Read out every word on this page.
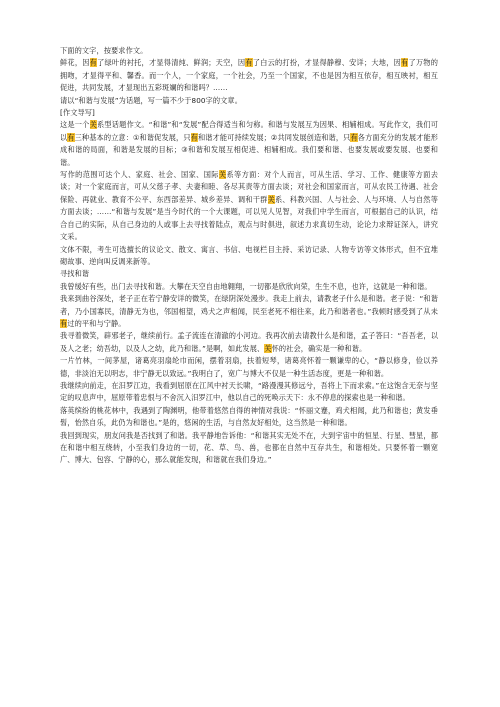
下面的文字，按要求作文。

鲜花，因有了绿叶的衬托，才显得清纯、鲜润；天空，因有了白云的打扮，才显得静穆、安详；大地，因有了万物的拥吻，才显得平和、馨香。而一个人，一个家庭，一个社会，乃至一个国家，不也是因为相互依存，相互映衬，相互促进，共同发展，才显现出五彩斑斓的和谐吗？……

请以“和谐与发展”为话题，写一篇不少于800字的文章。

[作文导写]

这是一个关系型话题作文。“和谐”和“发展”配合得适当和匀称。和谐与发展互为因果、相辅相成。写此作文，我们可以有三种基本的立意：①和谐促发展，只有和谐才能可持续发展；②共同发展创造和谐，只有各方面充分的发展才能形成和谐的局面，和谐是发展的目标；③和谐和发展互相促进、相辅相成。我们要和谐、也要发展或要发展、也要和谐。

写作的范围可达个人、家庭、社会、国家、国际关系等方面：对个人而言，可从生活、学习、工作、健康等方面去谈；对一个家庭而言，可从父慈子孝、夫妻和睦、各尽其责等方面去谈；对社会和国家而言，可从农民工待遇、社会保险、再就业、教育不公平、东西部差异、城乡差异、调和干群关系、科教兴国、人与社会、人与环境、人与自然等方面去谈；……“和谐与发展”是当今时代的一个大课题，可以见人见智，对我们中学生而言，可根据自己的认识，结合自己的实际，从自己身边的人或事上去寻找着陆点，观点与时俱进，叙述力求真切生动，论论力求辩证深入，讲究文采。

文体不限，考生可选擅长的议论文、散文、寓言、书信、电视栏目主持、采访记录、人物专访等文体形式，但不宜堆砌故事、逆向叫反调来新等。

寻找和谐

我曾缓好有些，出门去寻找和谐。大攀在天空自由地翱翔，一切都是欣欣向荣，生生不息，也许，这就是一种和谐。

我来到曲谷深处，老子正在若宁静安详的微笑，在绿阴深处漫步。我走上前去，请教老子什么是和谐。老子说：“和谐者，乃小国寡民，清静无为也，邻国相望，鸡犬之声相闻，民至老死不相往来，此乃和谐者也。”我顿时感受到了从未有过的平和与宁静。

我寻着微笑，辟邪老子，继续前行。孟子流连在清澈的小河边。我再次前去请教什么是和谐，孟子答曰：“吾吾老，以及人之老；幼吾幼，以及人之幼，此乃和谐。”是啊，如此发展、关怀的社会，确实是一种和谐。

一片竹林，一间茅屋，诸葛亮羽扇纶巾而闲，摆着羽扇，扶着短琴，诸葛亮怀着一颗谦卑的心，“静以修身，俭以养德，非淡泊无以明志，非宁静无以致远。”我明白了，宽广与博大不仅是一种生活态度，更是一种和谐。

我继续向前走，在汨罗江边，我看到屈原在江风中衬天长啸，“路漫漫其修远兮，吾将上下而求索。”在这饱含无奈与坚定的叹息声中，屈原带着忠恨与不舍沉入汨罗江中，他以自己的死唤示天下：永不停息的探索也是一种和谐。

落英缤纷的桃花林中，我遇到了陶渊明，他带着悠然自得的神情对我说：“怀丽文蹇，鸡犬相闻，此乃和谐也；黄发垂髫，怡然自乐，此仍为和谐也。”是的，悠闲的生活，与自然友好相处，这当然是一种和谐。

我回到现实，朋友问我是否找到了和谐。我平静地告诉他：“和谐其实无处不在，大到宇宙中的恒星、行星、彗星，都在和谐中相互绕转，小至我们身边的一切，花、草、鸟、兽，也都在自然中互存共生，和谐相处。只要怀着一颗宽广、博大、包容、宁静的心，那么就能发现，和谐就在我们身边。”
